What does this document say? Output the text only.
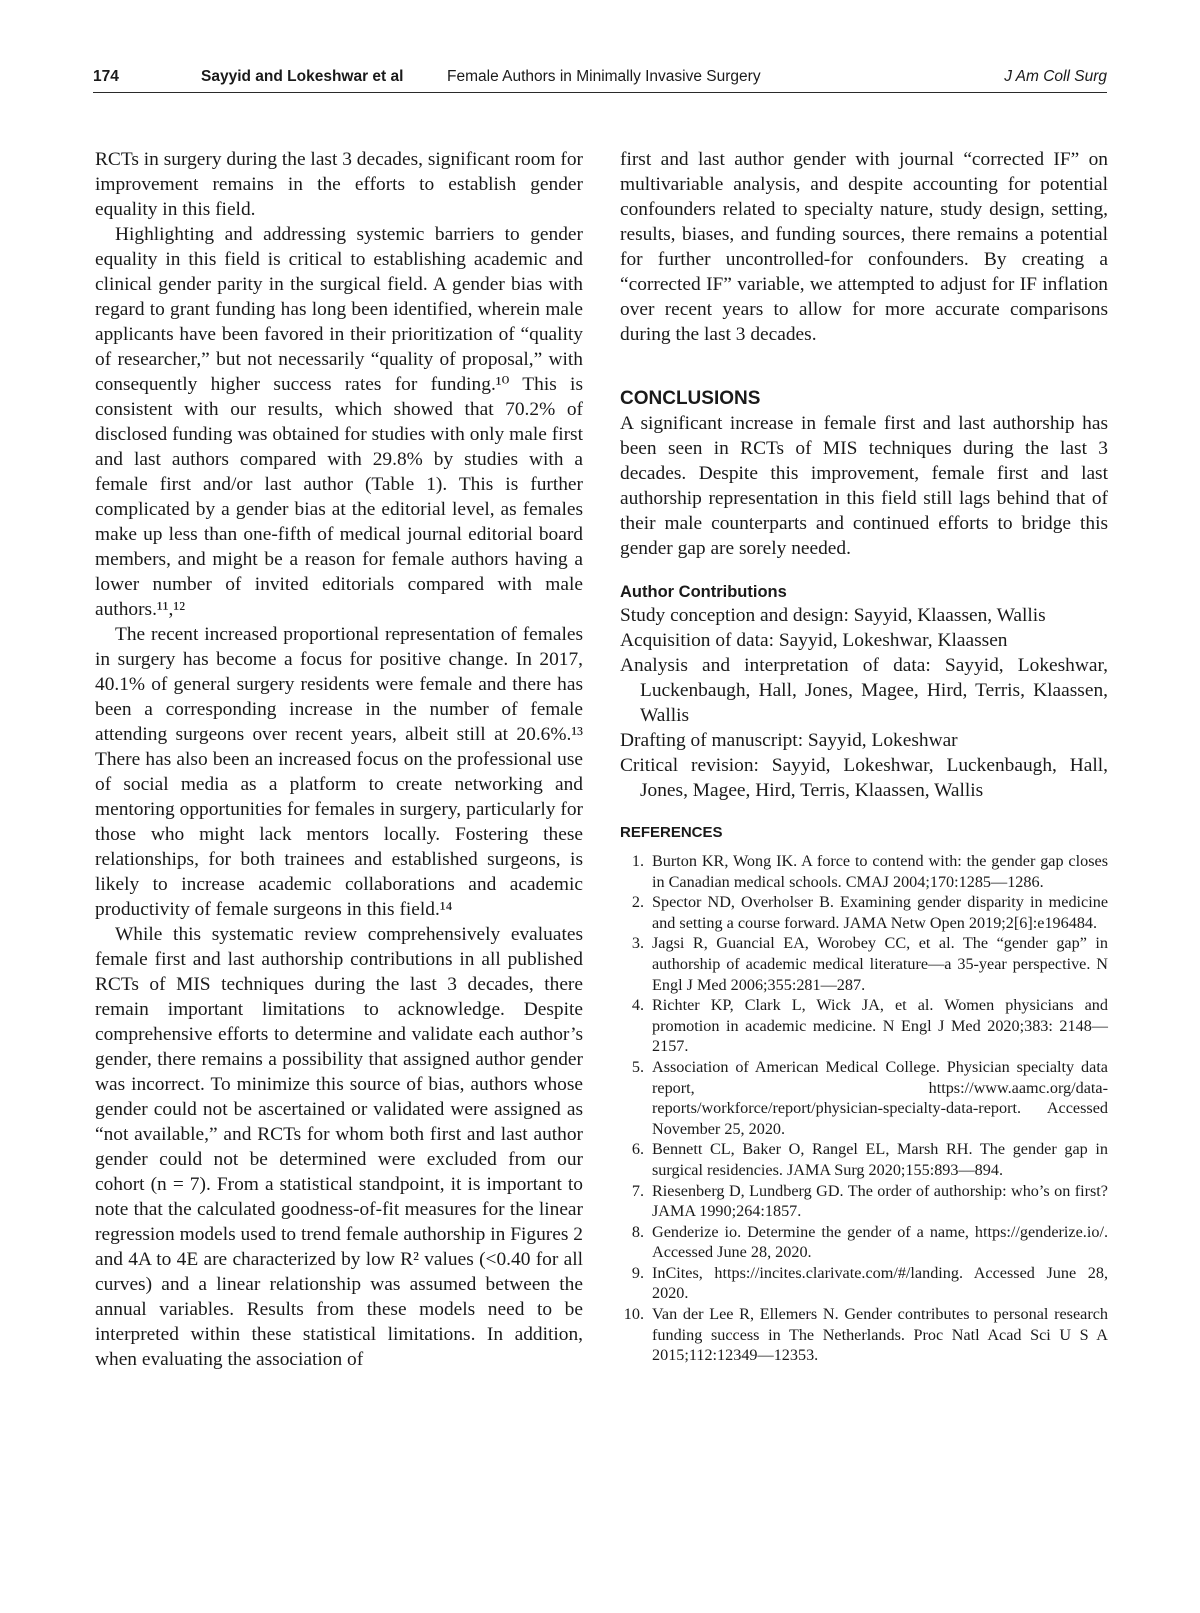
174	Sayyid and Lokeshwar et al	Female Authors in Minimally Invasive Surgery	J Am Coll Surg

RCTs in surgery during the last 3 decades, significant room for improvement remains in the efforts to establish gender equality in this field.

Highlighting and addressing systemic barriers to gender equality in this field is critical to establishing academic and clinical gender parity in the surgical field. A gender bias with regard to grant funding has long been identified, wherein male applicants have been favored in their prioritization of “quality of researcher,” but not necessarily “quality of proposal,” with consequently higher success rates for funding.¹⁰ This is consistent with our results, which showed that 70.2% of disclosed funding was obtained for studies with only male first and last authors compared with 29.8% by studies with a female first and/or last author (Table 1). This is further complicated by a gender bias at the editorial level, as females make up less than one-fifth of medical journal editorial board members, and might be a reason for female authors having a lower number of invited editorials compared with male authors.¹¹,¹²

The recent increased proportional representation of females in surgery has become a focus for positive change. In 2017, 40.1% of general surgery residents were female and there has been a corresponding increase in the number of female attending surgeons over recent years, albeit still at 20.6%.¹³ There has also been an increased focus on the professional use of social media as a platform to create networking and mentoring opportunities for females in surgery, particularly for those who might lack mentors locally. Fostering these relationships, for both trainees and established surgeons, is likely to increase academic collaborations and academic productivity of female surgeons in this field.¹⁴

While this systematic review comprehensively evaluates female first and last authorship contributions in all published RCTs of MIS techniques during the last 3 decades, there remain important limitations to acknowledge. Despite comprehensive efforts to determine and validate each author’s gender, there remains a possibility that assigned author gender was incorrect. To minimize this source of bias, authors whose gender could not be ascertained or validated were assigned as “not available,” and RCTs for whom both first and last author gender could not be determined were excluded from our cohort (n = 7). From a statistical standpoint, it is important to note that the calculated goodness-of-fit measures for the linear regression models used to trend female authorship in Figures 2 and 4A to 4E are characterized by low R² values (<0.40 for all curves) and a linear relationship was assumed between the annual variables. Results from these models need to be interpreted within these statistical limitations. In addition, when evaluating the association of

first and last author gender with journal “corrected IF” on multivariable analysis, and despite accounting for potential confounders related to specialty nature, study design, setting, results, biases, and funding sources, there remains a potential for further uncontrolled-for confounders. By creating a “corrected IF” variable, we attempted to adjust for IF inflation over recent years to allow for more accurate comparisons during the last 3 decades.

CONCLUSIONS

A significant increase in female first and last authorship has been seen in RCTs of MIS techniques during the last 3 decades. Despite this improvement, female first and last authorship representation in this field still lags behind that of their male counterparts and continued efforts to bridge this gender gap are sorely needed.

Author Contributions
Study conception and design: Sayyid, Klaassen, Wallis
Acquisition of data: Sayyid, Lokeshwar, Klaassen
Analysis and interpretation of data: Sayyid, Lokeshwar, Luckenbaugh, Hall, Jones, Magee, Hird, Terris, Klaassen, Wallis
Drafting of manuscript: Sayyid, Lokeshwar
Critical revision: Sayyid, Lokeshwar, Luckenbaugh, Hall, Jones, Magee, Hird, Terris, Klaassen, Wallis
REFERENCES
1. Burton KR, Wong IK. A force to contend with: the gender gap closes in Canadian medical schools. CMAJ 2004;170:1285—1286.
2. Spector ND, Overholser B. Examining gender disparity in medicine and setting a course forward. JAMA Netw Open 2019;2[6]:e196484.
3. Jagsi R, Guancial EA, Worobey CC, et al. The “gender gap” in authorship of academic medical literature—a 35-year perspective. N Engl J Med 2006;355:281—287.
4. Richter KP, Clark L, Wick JA, et al. Women physicians and promotion in academic medicine. N Engl J Med 2020;383: 2148—2157.
5. Association of American Medical College. Physician specialty data report, https://www.aamc.org/data-reports/workforce/report/physician-specialty-data-report. Accessed November 25, 2020.
6. Bennett CL, Baker O, Rangel EL, Marsh RH. The gender gap in surgical residencies. JAMA Surg 2020;155:893—894.
7. Riesenberg D, Lundberg GD. The order of authorship: who’s on first? JAMA 1990;264:1857.
8. Genderize io. Determine the gender of a name, https://genderize.io/. Accessed June 28, 2020.
9. InCites, https://incites.clarivate.com/#/landing. Accessed June 28, 2020.
10. Van der Lee R, Ellemers N. Gender contributes to personal research funding success in The Netherlands. Proc Natl Acad Sci U S A 2015;112:12349—12353.
